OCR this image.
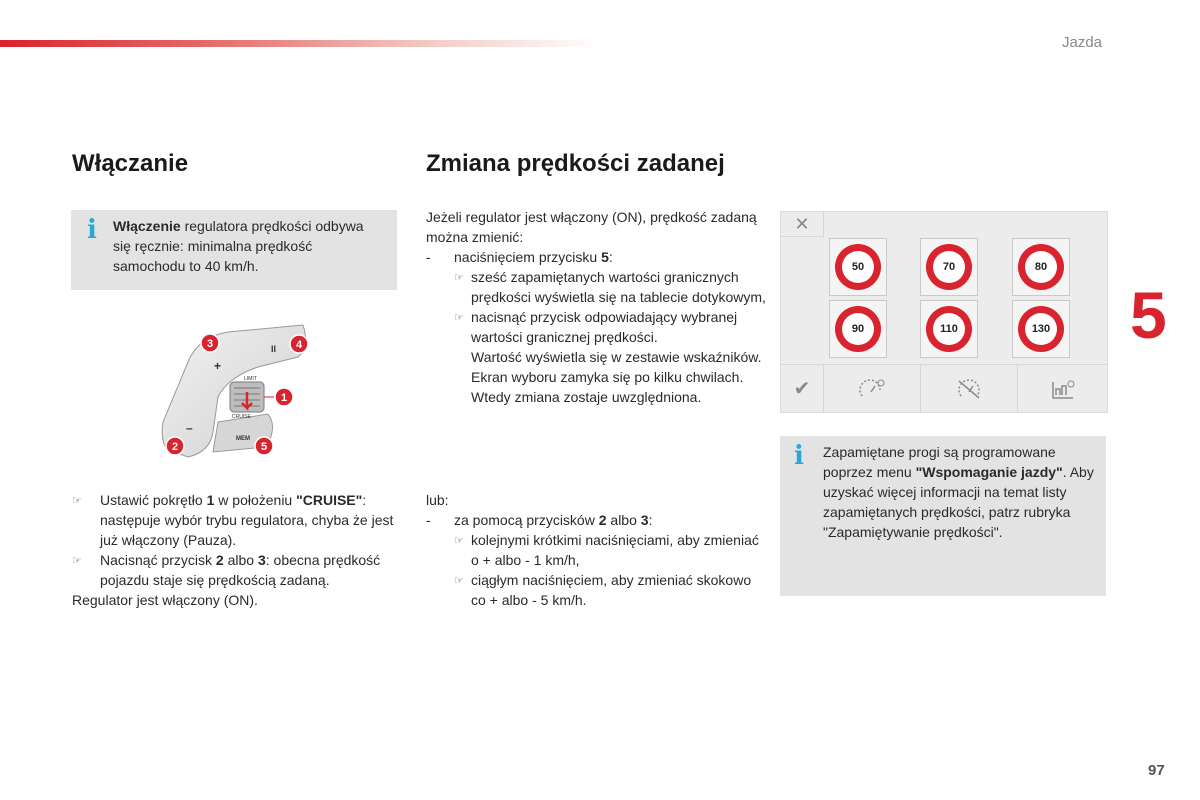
Jazda
5
97
Włączanie
i Włączenie regulatora prędkości odbywa się ręcznie: minimalna prędkość samochodu to 40 km/h.
+
II
–
MEM
LIMIT
CRUISE
1
2
3	4
5
☞ Ustawić pokrętło 1 w położeniu "CRUISE": następuje wybór trybu regulatora, chyba że jest już włączony (Pauza).
☞ Nacisnąć przycisk 2 albo 3: obecna prędkość pojazdu staje się prędkością zadaną.
Regulator jest włączony (ON).
Zmiana prędkości zadanej
Jeżeli regulator jest włączony (ON), prędkość zadaną można zmienić:
- naciśnięciem przycisku 5:
☞ sześć zapamiętanych wartości granicznych prędkości wyświetla się na tablecie dotykowym,
☞ nacisnąć przycisk odpowiadający wybranej wartości granicznej prędkości.
Wartość wyświetla się w zestawie wskaźników.
Ekran wyboru zamyka się po kilku chwilach.
Wtedy zmiana zostaje uwzględniona.
lub:
- za pomocą przycisków 2 albo 3:
☞ kolejnymi krótkimi naciśnięciami, aby zmieniać o + albo - 1 km/h,
☞ ciągłym naciśnięciem, aby zmieniać skokowo co + albo - 5 km/h.
✕
50	70	80
90	110	130
✔
i Zapamiętane progi są programowane poprzez menu "Wspomaganie jazdy". Aby uzyskać więcej informacji na temat listy zapamiętanych prędkości, patrz rubryka "Zapamiętywanie prędkości".
